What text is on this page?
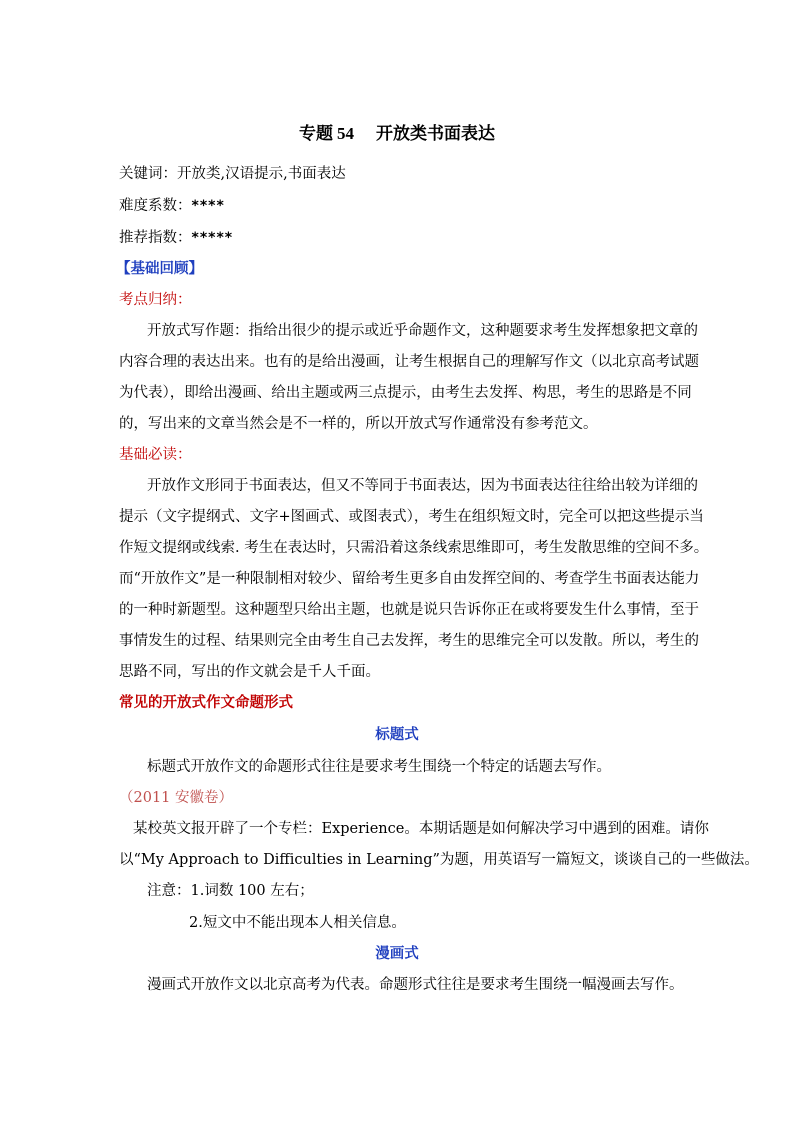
专题 54 开放类书面表达
关键词：开放类,汉语提示,书面表达
难度系数：****
推荐指数：*****
【基础回顾】
考点归纳：
开放式写作题：指给出很少的提示或近乎命题作文，这种题要求考生发挥想象把文章的
内容合理的表达出来。也有的是给出漫画，让考生根据自己的理解写作文（以北京高考试题
为代表），即给出漫画、给出主题或两三点提示，由考生去发挥、构思，考生的思路是不同
的，写出来的文章当然会是不一样的，所以开放式写作通常没有参考范文。
基础必读：
开放作文形同于书面表达，但又不等同于书面表达，因为书面表达往往给出较为详细的
提示（文字提纲式、文字+图画式、或图表式），考生在组织短文时，完全可以把这些提示当
作短文提纲或线索. 考生在表达时，只需沿着这条线索思维即可，考生发散思维的空间不多。
而“开放作文”是一种限制相对较少、留给考生更多自由发挥空间的、考查学生书面表达能力
的一种时新题型。这种题型只给出主题，也就是说只告诉你正在或将要发生什么事情，至于
事情发生的过程、结果则完全由考生自己去发挥，考生的思维完全可以发散。所以，考生的
思路不同，写出的作文就会是千人千面。
常见的开放式作文命题形式
标题式
标题式开放作文的命题形式往往是要求考生围绕一个特定的话题去写作。
（2011 安徽卷）
某校英文报开辟了一个专栏：Experience。本期话题是如何解决学习中遇到的困难。请你
以“My Approach to Difficulties in Learning”为题，用英语写一篇短文，谈谈自己的一些做法。
注意：1.词数 100 左右；
2.短文中不能出现本人相关信息。
漫画式
漫画式开放作文以北京高考为代表。命题形式往往是要求考生围绕一幅漫画去写作。
